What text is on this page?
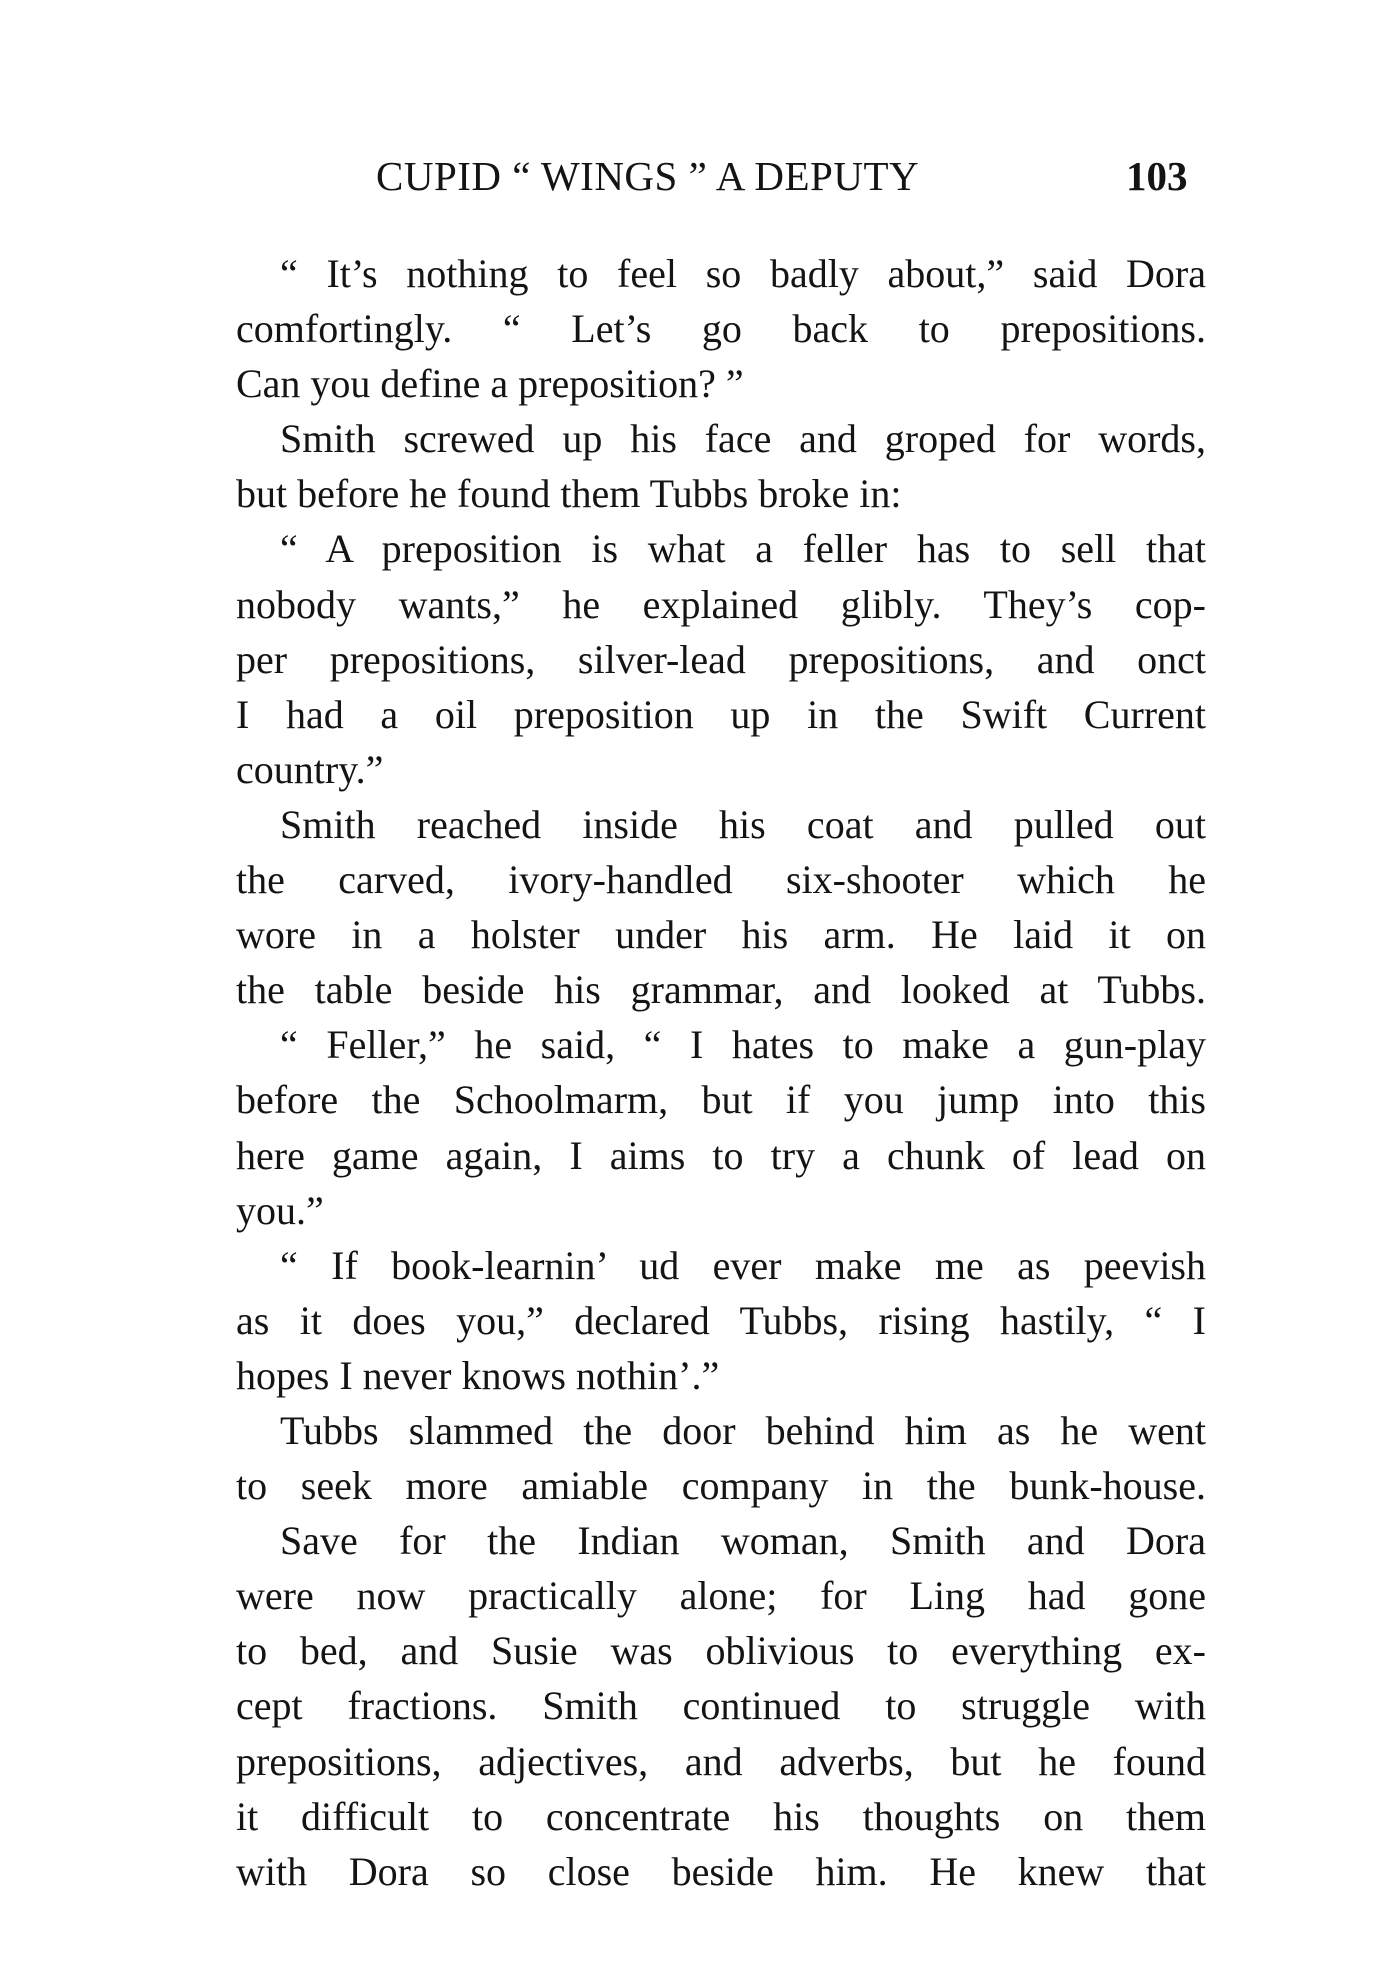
CUPID “ WINGS ” A DEPUTY	103
“ It’s nothing to feel so badly about,” said Dora
comfortingly. “ Let’s go back to prepositions.
Can you define a preposition? ”
Smith screwed up his face and groped for words,
but before he found them Tubbs broke in:
“ A preposition is what a feller has to sell that
nobody wants,” he explained glibly. They’s cop-
per prepositions, silver-lead prepositions, and onct
I had a oil preposition up in the Swift Current
country.”
Smith reached inside his coat and pulled out
the carved, ivory-handled six-shooter which he
wore in a holster under his arm. He laid it on
the table beside his grammar, and looked at Tubbs.
“ Feller,” he said, “ I hates to make a gun-play
before the Schoolmarm, but if you jump into this
here game again, I aims to try a chunk of lead on
you.”
“ If book-learnin’ ud ever make me as peevish
as it does you,” declared Tubbs, rising hastily, “ I
hopes I never knows nothin’.”
Tubbs slammed the door behind him as he went
to seek more amiable company in the bunk-house.
Save for the Indian woman, Smith and Dora
were now practically alone; for Ling had gone
to bed, and Susie was oblivious to everything ex-
cept fractions. Smith continued to struggle with
prepositions, adjectives, and adverbs, but he found
it difficult to concentrate his thoughts on them
with Dora so close beside him. He knew that
